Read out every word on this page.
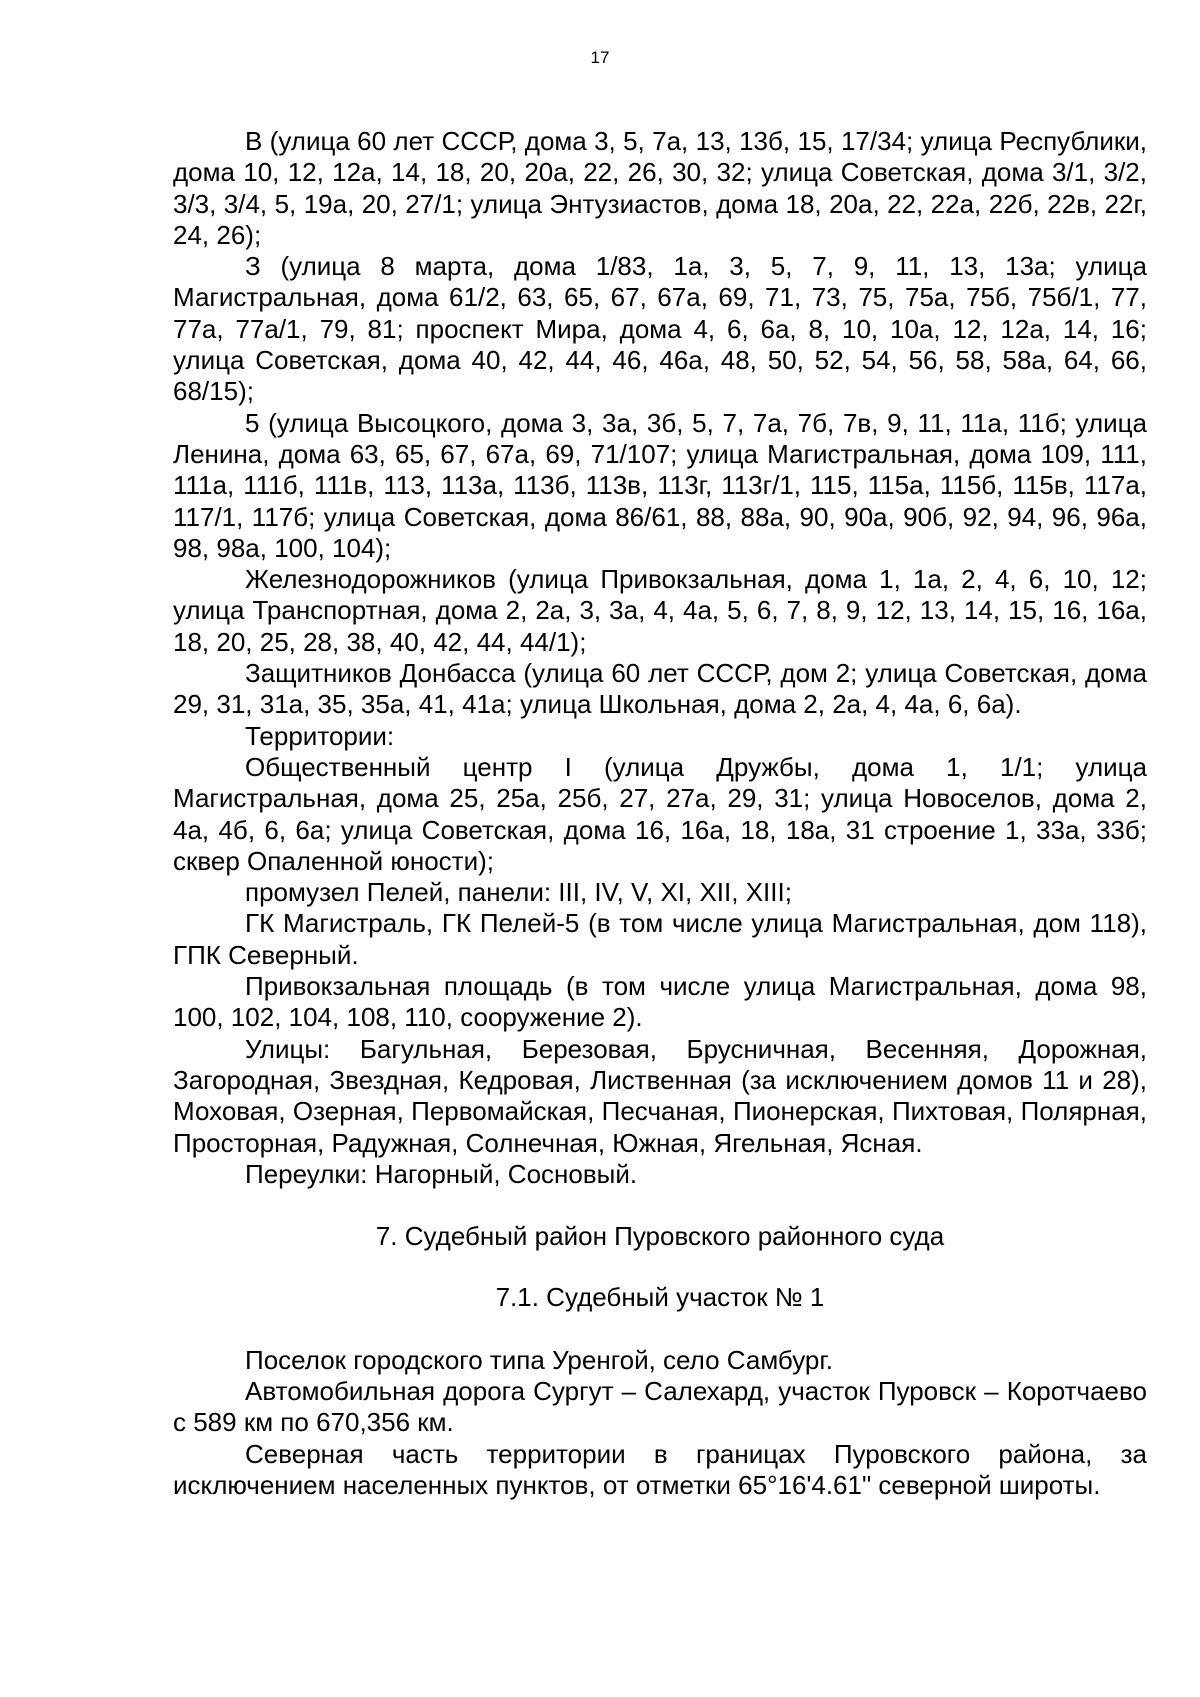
17

В (улица 60 лет СССР, дома 3, 5, 7а, 13, 13б, 15, 17/34; улица Республики, дома 10, 12, 12а, 14, 18, 20, 20а, 22, 26, 30, 32; улица Советская, дома 3/1, 3/2, 3/3, 3/4, 5, 19а, 20, 27/1; улица Энтузиастов, дома 18, 20а, 22, 22а, 22б, 22в, 22г, 24, 26);

З (улица 8 марта, дома 1/83, 1а, 3, 5, 7, 9, 11, 13, 13а; улица Магистральная, дома 61/2, 63, 65, 67, 67а, 69, 71, 73, 75, 75а, 75б, 75б/1, 77, 77а, 77а/1, 79, 81; проспект Мира, дома 4, 6, 6а, 8, 10, 10а, 12, 12а, 14, 16; улица Советская, дома 40, 42, 44, 46, 46а, 48, 50, 52, 54, 56, 58, 58а, 64, 66, 68/15);

5 (улица Высоцкого, дома 3, 3а, 3б, 5, 7, 7а, 7б, 7в, 9, 11, 11а, 11б; улица Ленина, дома 63, 65, 67, 67а, 69, 71/107; улица Магистральная, дома 109, 111, 111а, 111б, 111в, 113, 113а, 113б, 113в, 113г, 113г/1, 115, 115а, 115б, 115в, 117а, 117/1, 117б; улица Советская, дома 86/61, 88, 88а, 90, 90а, 90б, 92, 94, 96, 96а, 98, 98а, 100, 104);

Железнодорожников (улица Привокзальная, дома 1, 1а, 2, 4, 6, 10, 12; улица Транспортная, дома 2, 2а, 3, 3а, 4, 4а, 5, 6, 7, 8, 9, 12, 13, 14, 15, 16, 16а, 18, 20, 25, 28, 38, 40, 42, 44, 44/1);

Защитников Донбасса (улица 60 лет СССР, дом 2; улица Советская, дома 29, 31, 31а, 35, 35а, 41, 41а; улица Школьная, дома 2, 2а, 4, 4а, 6, 6а).

Территории:

Общественный центр I (улица Дружбы, дома 1, 1/1; улица Магистральная, дома 25, 25а, 25б, 27, 27а, 29, 31; улица Новоселов, дома 2, 4а, 4б, 6, 6а; улица Советская, дома 16, 16а, 18, 18а, 31 строение 1, 33а, 33б; сквер Опаленной юности);

промузел Пелей, панели: III, IV, V, XI, XII, XIII;

ГК Магистраль, ГК Пелей-5 (в том числе улица Магистральная, дом 118), ГПК Северный.

Привокзальная площадь (в том числе улица Магистральная, дома 98, 100, 102, 104, 108, 110, сооружение 2).

Улицы: Багульная, Березовая, Брусничная, Весенняя, Дорожная, Загородная, Звездная, Кедровая, Лиственная (за исключением домов 11 и 28), Моховая, Озерная, Первомайская, Песчаная, Пионерская, Пихтовая, Полярная, Просторная, Радужная, Солнечная, Южная, Ягельная, Ясная.

Переулки: Нагорный, Сосновый.

7. Судебный район Пуровского районного суда
7.1. Судебный участок № 1

Поселок городского типа Уренгой, село Самбург.

Автомобильная дорога Сургут – Салехард, участок Пуровск – Коротчаево с 589 км по 670,356 км.

Северная часть территории в границах Пуровского района, за исключением населенных пунктов, от отметки 65°16'4.61" северной широты.
